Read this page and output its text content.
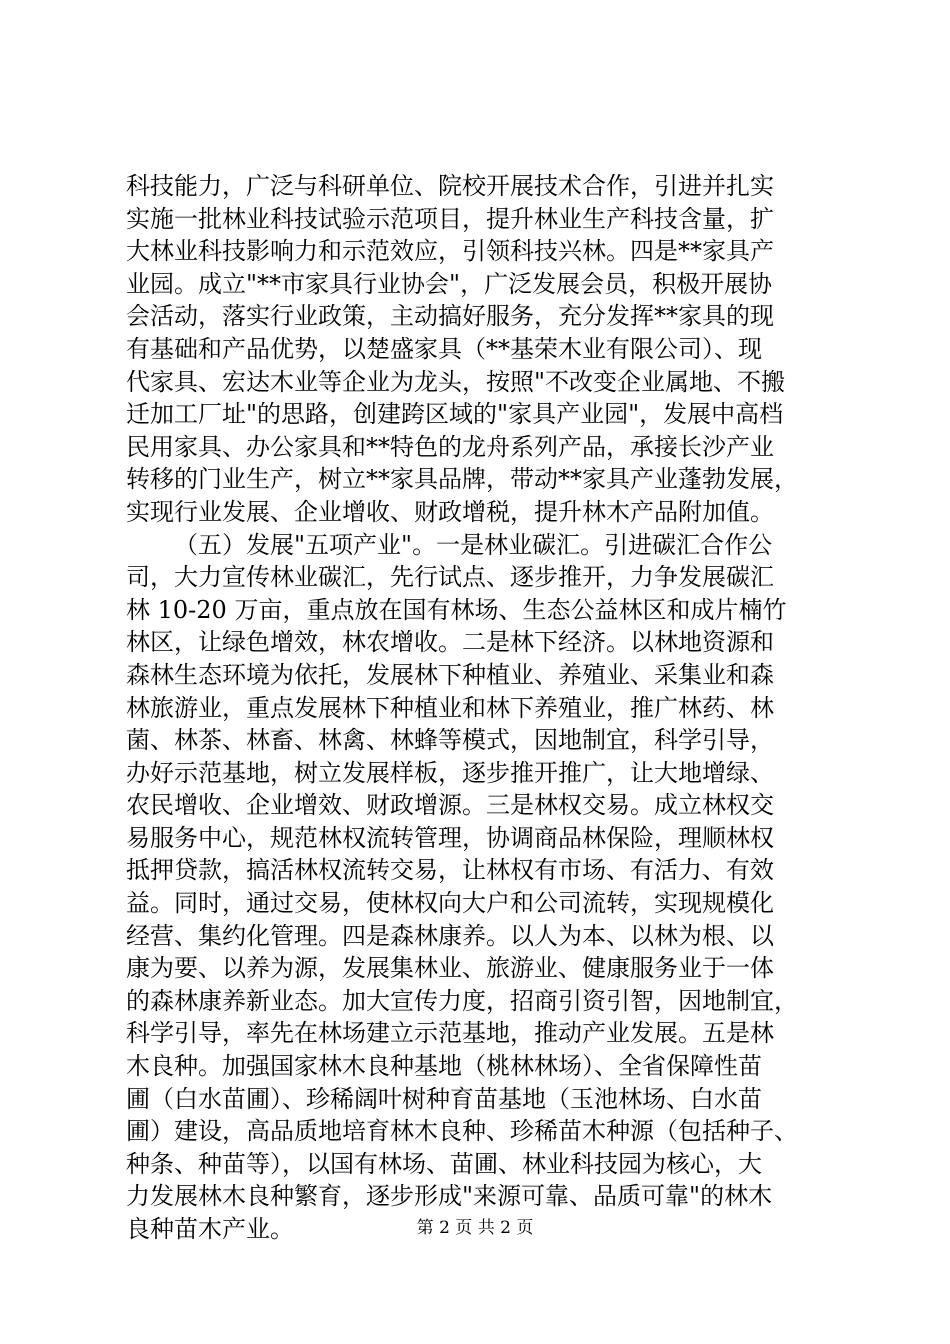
科技能力，广泛与科研单位、院校开展技术合作，引进并扎实
实施一批林业科技试验示范项目，提升林业生产科技含量，扩
大林业科技影响力和示范效应，引领科技兴林。四是**家具产
业园。成立"**市家具行业协会"，广泛发展会员，积极开展协
会活动，落实行业政策，主动搞好服务，充分发挥**家具的现
有基础和产品优势，以楚盛家具（**基荣木业有限公司）、现
代家具、宏达木业等企业为龙头，按照"不改变企业属地、不搬
迁加工厂址"的思路，创建跨区域的"家具产业园"，发展中高档
民用家具、办公家具和**特色的龙舟系列产品，承接长沙产业
转移的门业生产，树立**家具品牌，带动**家具产业蓬勃发展，
实现行业发展、企业增收、财政增税，提升林木产品附加值。
（五）发展"五项产业"。一是林业碳汇。引进碳汇合作公
司，大力宣传林业碳汇，先行试点、逐步推开，力争发展碳汇
林 10-20 万亩，重点放在国有林场、生态公益林区和成片楠竹
林区，让绿色增效，林农增收。二是林下经济。以林地资源和
森林生态环境为依托，发展林下种植业、养殖业、采集业和森
林旅游业，重点发展林下种植业和林下养殖业，推广林药、林
菌、林茶、林畜、林禽、林蜂等模式，因地制宜，科学引导，
办好示范基地，树立发展样板，逐步推开推广，让大地增绿、
农民增收、企业增效、财政增源。三是林权交易。成立林权交
易服务中心，规范林权流转管理，协调商品林保险，理顺林权
抵押贷款，搞活林权流转交易，让林权有市场、有活力、有效
益。同时，通过交易，使林权向大户和公司流转，实现规模化
经营、集约化管理。四是森林康养。以人为本、以林为根、以
康为要、以养为源，发展集林业、旅游业、健康服务业于一体
的森林康养新业态。加大宣传力度，招商引资引智，因地制宜，
科学引导，率先在林场建立示范基地，推动产业发展。五是林
木良种。加强国家林木良种基地（桃林林场）、全省保障性苗
圃（白水苗圃）、珍稀阔叶树种育苗基地（玉池林场、白水苗
圃）建设，高品质地培育林木良种、珍稀苗木种源（包括种子、
种条、种苗等），以国有林场、苗圃、林业科技园为核心，大
力发展林木良种繁育，逐步形成"来源可靠、品质可靠"的林木
良种苗木产业。	第 2 页 共 2 页
